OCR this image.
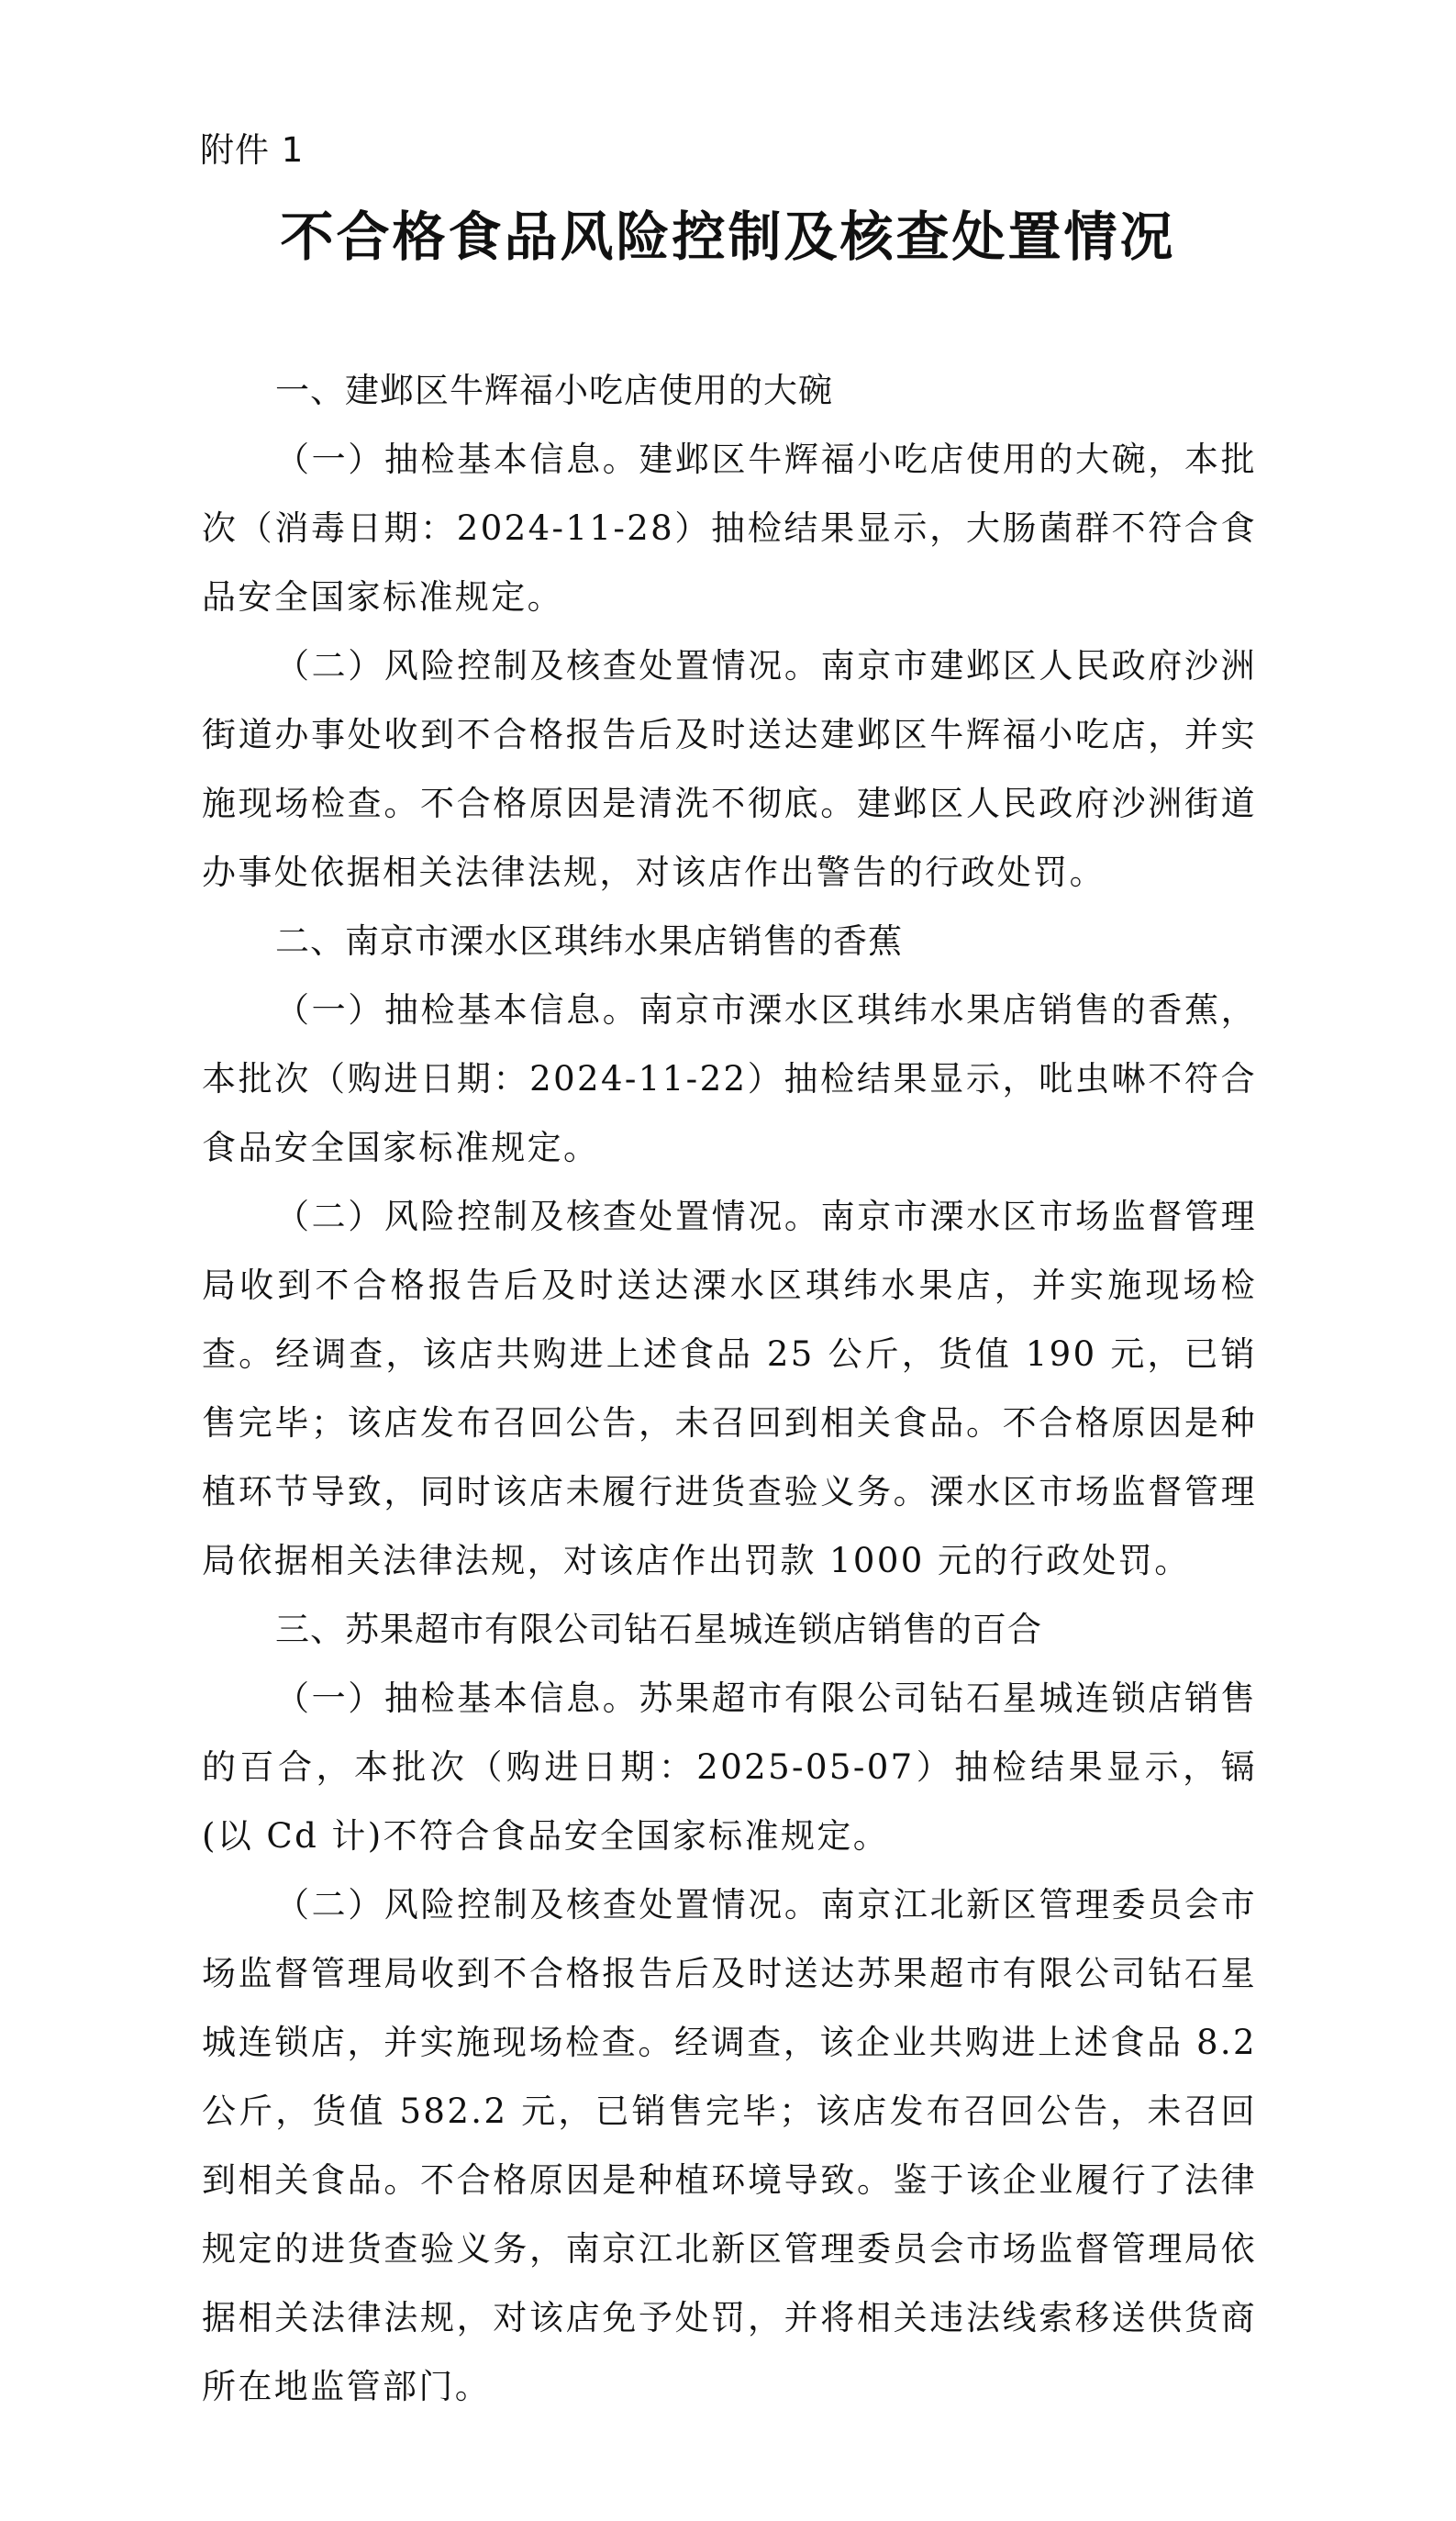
附件 1
不合格食品风险控制及核查处置情况

一、建邺区牛辉福小吃店使用的大碗

（一）抽检基本信息。建邺区牛辉福小吃店使用的大碗，本批次（消毒日期：2024-11-28）抽检结果显示，大肠菌群不符合食品安全国家标准规定。

（二）风险控制及核查处置情况。南京市建邺区人民政府沙洲街道办事处收到不合格报告后及时送达建邺区牛辉福小吃店，并实施现场检查。不合格原因是清洗不彻底。建邺区人民政府沙洲街道办事处依据相关法律法规，对该店作出警告的行政处罚。

二、南京市溧水区琪纬水果店销售的香蕉

（一）抽检基本信息。南京市溧水区琪纬水果店销售的香蕉，本批次（购进日期：2024-11-22）抽检结果显示，吡虫啉不符合食品安全国家标准规定。

（二）风险控制及核查处置情况。南京市溧水区市场监督管理局收到不合格报告后及时送达溧水区琪纬水果店，并实施现场检查。经调查，该店共购进上述食品 25 公斤，货值 190 元，已销售完毕；该店发布召回公告，未召回到相关食品。不合格原因是种植环节导致，同时该店未履行进货查验义务。溧水区市场监督管理局依据相关法律法规，对该店作出罚款 1000 元的行政处罚。

三、苏果超市有限公司钻石星城连锁店销售的百合

（一）抽检基本信息。苏果超市有限公司钻石星城连锁店销售的百合，本批次（购进日期：2025-05-07）抽检结果显示，镉(以 Cd 计)不符合食品安全国家标准规定。

（二）风险控制及核查处置情况。南京江北新区管理委员会市场监督管理局收到不合格报告后及时送达苏果超市有限公司钻石星城连锁店，并实施现场检查。经调查，该企业共购进上述食品 8.2 公斤，货值 582.2 元，已销售完毕；该店发布召回公告，未召回到相关食品。不合格原因是种植环境导致。鉴于该企业履行了法律规定的进货查验义务，南京江北新区管理委员会市场监督管理局依据相关法律法规，对该店免予处罚，并将相关违法线索移送供货商所在地监管部门。
